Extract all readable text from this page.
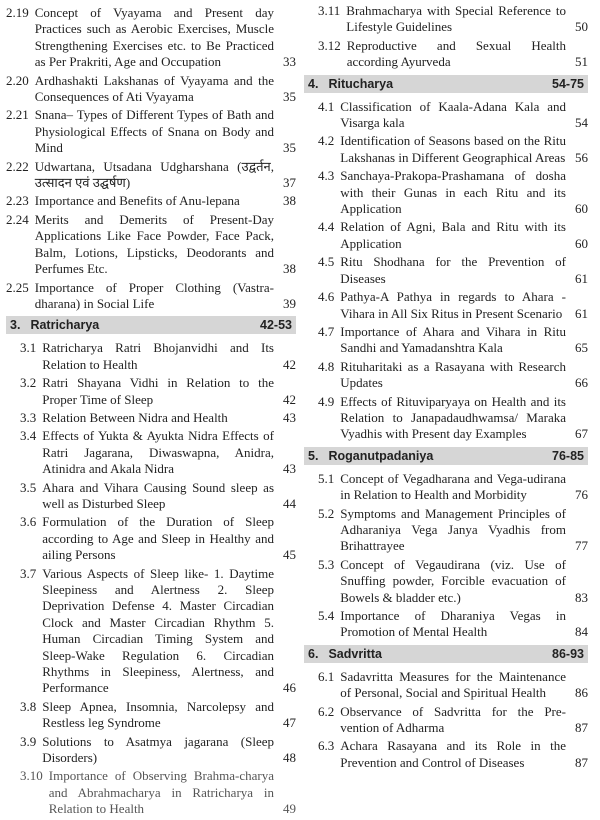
2.19 Concept of Vyayama and Present day Practices such as Aerobic Exercises, Muscle Strengthening Exercises etc. to Be Practiced as Per Prakriti, Age and Occupation	33
2.20 Ardhashakti Lakshanas of Vyayama and the Consequences of Ati Vyayama	35
2.21 Snana– Types of Different Types of Bath and Physiological Effects of Snana on Body and Mind	35
2.22 Udwartana, Utsadana Udgharshana (उद्वर्तन, उत्सादन एवं उद्घर्षण)	37
2.23 Importance and Benefits of Anu-lepana	38
2.24 Merits and Demerits of Present-Day Applications Like Face Powder, Face Pack, Balm, Lotions, Lipsticks, Deodorants and Perfumes Etc.	38
2.25 Importance of Proper Clothing (Vastra-dharana) in Social Life	39
3. Ratricharya	42-53
3.1 Ratricharya Ratri Bhojanvidhi and Its Relation to Health	42
3.2 Ratri Shayana Vidhi in Relation to the Proper Time of Sleep	42
3.3 Relation Between Nidra and Health	43
3.4 Effects of Yukta & Ayukta Nidra Effects of Ratri Jagarana, Diwaswapna, Anidra, Atinidra and Akala Nidra	43
3.5 Ahara and Vihara Causing Sound sleep as well as Disturbed Sleep	44
3.6 Formulation of the Duration of Sleep according to Age and Sleep in Healthy and ailing Persons	45
3.7 Various Aspects of Sleep like- 1. Daytime Sleepiness and Alertness 2. Sleep Deprivation Defense 4. Master Circadian Clock and Master Circadian Rhythm 5. Human Circadian Timing System and Sleep-Wake Regulation 6. Circadian Rhythms in Sleepiness, Alertness, and Performance	46
3.8 Sleep Apnea, Insomnia, Narcolepsy and Restless leg Syndrome	47
3.9 Solutions to Asatmya jagarana (Sleep Disorders)	48
3.10 Importance of Observing Brahma-charya and Abrahmacharya in Ratricharya in Relation to Health	49
3.11 Brahmacharya with Special Reference to Lifestyle Guidelines	50
3.12 Reproductive and Sexual Health according Ayurveda	51
4. Ritucharya	54-75
4.1 Classification of Kaala-Adana Kala and Visarga kala	54
4.2 Identification of Seasons based on the Ritu Lakshanas in Different Geographical Areas 56
4.3 Sanchaya-Prakopa-Prashamana of dosha with their Gunas in each Ritu and its Application	60
4.4 Relation of Agni, Bala and Ritu with its Application	60
4.5 Ritu Shodhana for the Prevention of Diseases	61
4.6 Pathya-A Pathya in regards to Ahara - Vihara in All Six Ritus in Present Scenario 61
4.7 Importance of Ahara and Vihara in Ritu Sandhi and Yamadanshtra Kala	65
4.8 Rituharitaki as a Rasayana with Research Updates	66
4.9 Effects of Rituviparyaya on Health and its Relation to Janapadaudhwamsa/ Maraka Vyadhis with Present day Examples	67
5. Roganutpadaniya	76-85
5.1 Concept of Vegadharana and Vega-udirana in Relation to Health and Morbidity	76
5.2 Symptoms and Management Principles of Adharaniya Vega Janya Vyadhis from Brihattrayee	77
5.3 Concept of Vegaudirana (viz. Use of Snuffing powder, Forcible evacuation of Bowels & bladder etc.)	83
5.4 Importance of Dharaniya Vegas in Promotion of Mental Health	84
6. Sadvritta	86-93
6.1 Sadavritta Measures for the Maintenance of Personal, Social and Spiritual Health	86
6.2 Observance of Sadvritta for the Pre-vention of Adharma	87
6.3 Achara Rasayana and its Role in the Prevention and Control of Diseases	87
